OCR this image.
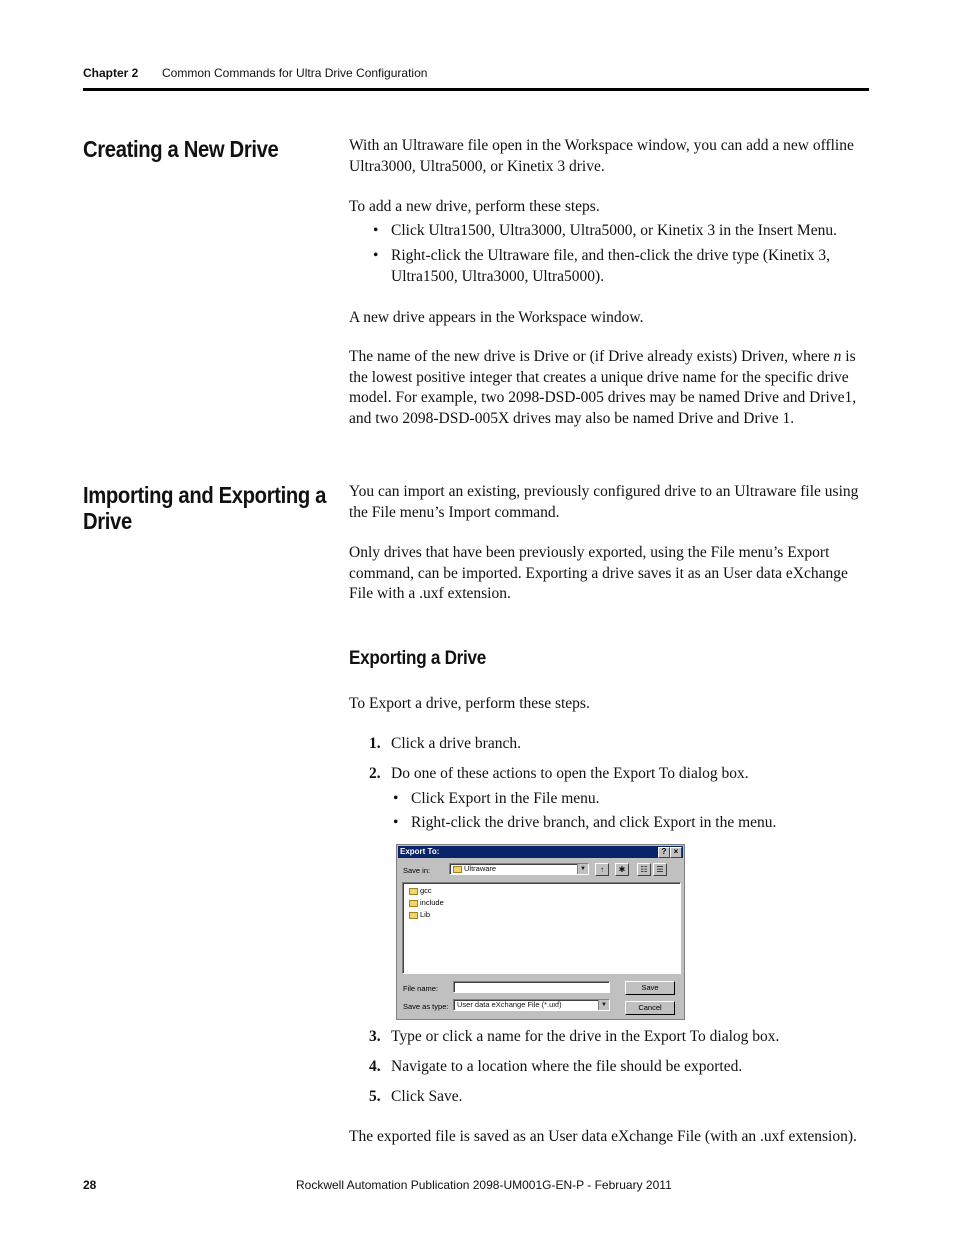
Chapter 2 Common Commands for Ultra Drive Configuration
Creating a New Drive	With an Ultraware file open in the Workspace window, you can add a new offline
Ultra3000, Ultra5000, or Kinetix 3 drive.
To add a new drive, perform these steps.
• Click Ultra1500, Ultra3000, Ultra5000, or Kinetix 3 in the Insert Menu.
• Right-click the Ultraware file, and then-click the drive type (Kinetix 3,
Ultra1500, Ultra3000, Ultra5000).
A new drive appears in the Workspace window.
The name of the new drive is Drive or (if Drive already exists) Driven, where n is
the lowest positive integer that creates a unique drive name for the specific drive
model. For example, two 2098-DSD-005 drives may be named Drive and Drive1,
and two 2098-DSD-005X drives may also be named Drive and Drive 1.
Importing and Exporting a
Drive
You can import an existing, previously configured drive to an Ultraware file using
the File menu’s Import command.
Only drives that have been previously exported, using the File menu’s Export
command, can be imported. Exporting a drive saves it as an User data eXchange
File with a .uxf extension.
Exporting a Drive
To Export a drive, perform these steps.
1. Click a drive branch.
2. Do one of these actions to open the Export To dialog box.
• Click Export in the File menu.
• Right-click the drive branch, and click Export in the menu.
Export To:	? ×
Save in:	Ultraware	▼	↑	✱	☷	☰
gcc
include
Lib
File name:
Save as type:	User data eXchange File (*.uxf)	▼
Save
Cancel
3. Type or click a name for the drive in the Export To dialog box.
4. Navigate to a location where the file should be exported.
5. Click Save.
The exported file is saved as an User data eXchange File (with an .uxf extension).
28	Rockwell Automation Publication 2098-UM001G-EN-P - February 2011
